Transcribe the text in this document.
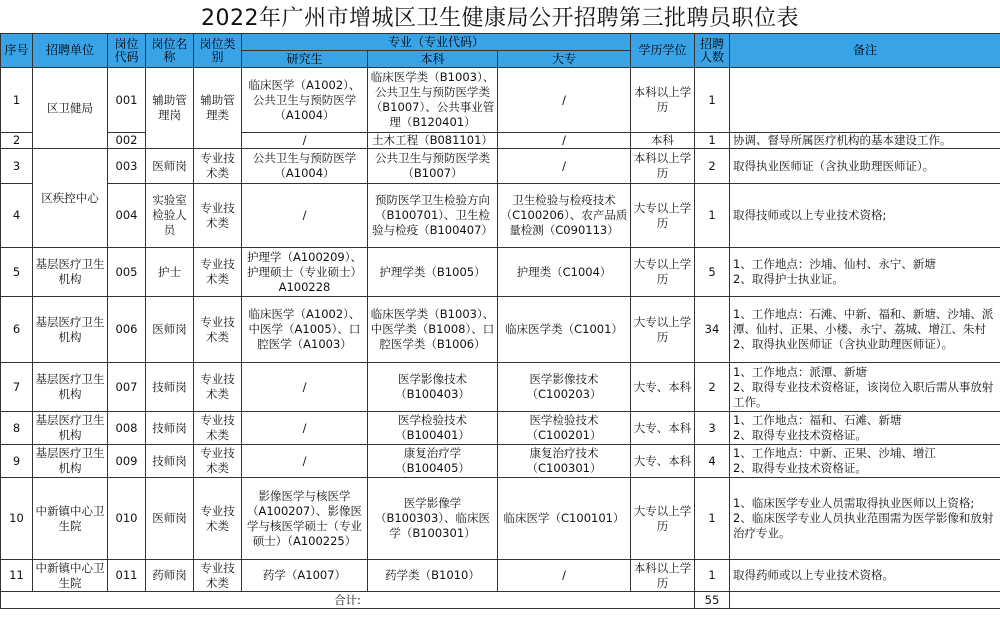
2022年广州市增城区卫生健康局公开招聘第三批聘员职位表
序号	招聘单位	岗位代码	岗位名称	岗位类别	专业（专业代码）			学历学位	招聘人数	备注
					研究生	本科	大专			
1	区卫健局	001	辅助管理岗	辅助管理类	临床医学（A1002）、公共卫生与预防医学（A1004）	临床医学类（B1003）、公共卫生与预防医学类（B1007）、公共事业管理（B120401）	/	本科以上学历	1	
2		002			/	土木工程（B081101）	/	本科	1	协调、督导所属医疗机构的基本建设工作。
3	区疾控中心	003	医师岗	专业技术类	公共卫生与预防医学（A1004）	公共卫生与预防医学类（B1007）	/	本科以上学历	2	取得执业医师证（含执业助理医师证）。
4		004	实验室检验人员	专业技术类	/	预防医学卫生检验方向（B100701）、卫生检验与检疫（B100407）	卫生检验与检疫技术（C100206）、农产品质量检测（C090113）	大专以上学历	1	取得技师或以上专业技术资格;
5	基层医疗卫生机构	005	护士	专业技术类	护理学（A100209）、护理硕士（专业硕士）A100228	护理学类（B1005）	护理类（C1004）	大专以上学历	5	1、工作地点：沙埔、仙村、永宁、新塘
2、取得护士执业证。
6	基层医疗卫生机构	006	医师岗	专业技术类	临床医学（A1002）、中医学（A1005）、口腔医学（A1003）	临床医学类（B1003）、中医学类（B1008）、口腔医学类（B1006）	临床医学类（C1001）	大专以上学历	34	1、工作地点：石滩、中新、福和、新塘、沙埔、派潭、仙村、正果、小楼、永宁、荔城、增江、朱村
2、取得执业医师证（含执业助理医师证）。
7	基层医疗卫生机构	007	技师岗	专业技术类	/	医学影像技术（B100403）	医学影像技术（C100203）	大专、本科	2	1、工作地点：派潭、新塘
2、取得专业技术资格证，该岗位入职后需从事放射工作。
8	基层医疗卫生机构	008	技师岗	专业技术类	/	医学检验技术（B100401）	医学检验技术（C100201）	大专、本科	3	1、工作地点：福和、石滩、新塘
2、取得专业技术资格证。
9	基层医疗卫生机构	009	技师岗	专业技术类	/	康复治疗学（B100405）	康复治疗技术（C100301）	大专、本科	4	1、工作地点：中新、正果、沙埔、增江
2、取得专业技术资格证。
10	中新镇中心卫生院	010	医师岗	专业技术类	影像医学与核医学（A100207）、影像医学与核医学硕士（专业硕士）（A100225）	医学影像学（B100303）、临床医学（B100301）	临床医学（C100101）	大专以上学历	1	1、临床医学专业人员需取得执业医师以上资格;
2、临床医学专业人员执业范围需为医学影像和放射治疗专业。
11	中新镇中心卫生院	011	药师岗	专业技术类	药学（A1007）	药学类（B1010）	/	本科以上学历	1	取得药师或以上专业技术资格。
合计:									55	
